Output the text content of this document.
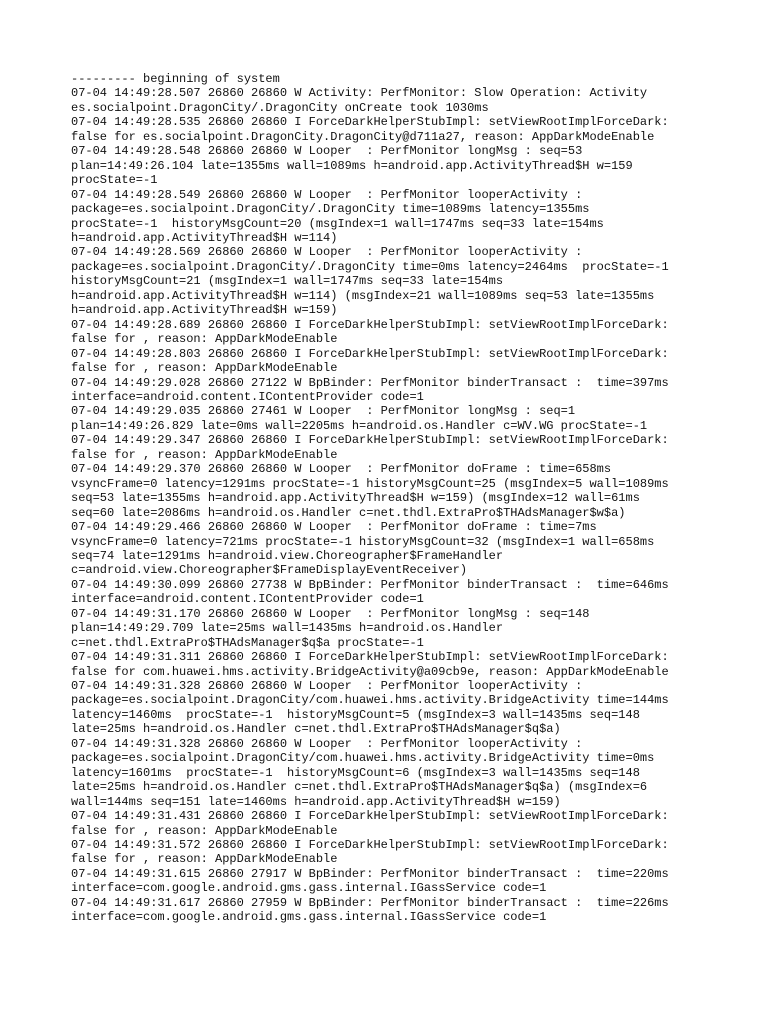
--------- beginning of system
07-04 14:49:28.507 26860 26860 W Activity: PerfMonitor: Slow Operation: Activity
es.socialpoint.DragonCity/.DragonCity onCreate took 1030ms
07-04 14:49:28.535 26860 26860 I ForceDarkHelperStubImpl: setViewRootImplForceDark:
false for es.socialpoint.DragonCity.DragonCity@d711a27, reason: AppDarkModeEnable
07-04 14:49:28.548 26860 26860 W Looper  : PerfMonitor longMsg : seq=53
plan=14:49:26.104 late=1355ms wall=1089ms h=android.app.ActivityThread$H w=159
procState=-1
07-04 14:49:28.549 26860 26860 W Looper  : PerfMonitor looperActivity :
package=es.socialpoint.DragonCity/.DragonCity time=1089ms latency=1355ms
procState=-1  historyMsgCount=20 (msgIndex=1 wall=1747ms seq=33 late=154ms
h=android.app.ActivityThread$H w=114)
07-04 14:49:28.569 26860 26860 W Looper  : PerfMonitor looperActivity :
package=es.socialpoint.DragonCity/.DragonCity time=0ms latency=2464ms  procState=-1
historyMsgCount=21 (msgIndex=1 wall=1747ms seq=33 late=154ms
h=android.app.ActivityThread$H w=114) (msgIndex=21 wall=1089ms seq=53 late=1355ms
h=android.app.ActivityThread$H w=159)
07-04 14:49:28.689 26860 26860 I ForceDarkHelperStubImpl: setViewRootImplForceDark:
false for , reason: AppDarkModeEnable
07-04 14:49:28.803 26860 26860 I ForceDarkHelperStubImpl: setViewRootImplForceDark:
false for , reason: AppDarkModeEnable
07-04 14:49:29.028 26860 27122 W BpBinder: PerfMonitor binderTransact :  time=397ms
interface=android.content.IContentProvider code=1
07-04 14:49:29.035 26860 27461 W Looper  : PerfMonitor longMsg : seq=1
plan=14:49:26.829 late=0ms wall=2205ms h=android.os.Handler c=WV.WG procState=-1
07-04 14:49:29.347 26860 26860 I ForceDarkHelperStubImpl: setViewRootImplForceDark:
false for , reason: AppDarkModeEnable
07-04 14:49:29.370 26860 26860 W Looper  : PerfMonitor doFrame : time=658ms
vsyncFrame=0 latency=1291ms procState=-1 historyMsgCount=25 (msgIndex=5 wall=1089ms
seq=53 late=1355ms h=android.app.ActivityThread$H w=159) (msgIndex=12 wall=61ms
seq=60 late=2086ms h=android.os.Handler c=net.thdl.ExtraPro$THAdsManager$w$a)
07-04 14:49:29.466 26860 26860 W Looper  : PerfMonitor doFrame : time=7ms
vsyncFrame=0 latency=721ms procState=-1 historyMsgCount=32 (msgIndex=1 wall=658ms
seq=74 late=1291ms h=android.view.Choreographer$FrameHandler
c=android.view.Choreographer$FrameDisplayEventReceiver)
07-04 14:49:30.099 26860 27738 W BpBinder: PerfMonitor binderTransact :  time=646ms
interface=android.content.IContentProvider code=1
07-04 14:49:31.170 26860 26860 W Looper  : PerfMonitor longMsg : seq=148
plan=14:49:29.709 late=25ms wall=1435ms h=android.os.Handler
c=net.thdl.ExtraPro$THAdsManager$q$a procState=-1
07-04 14:49:31.311 26860 26860 I ForceDarkHelperStubImpl: setViewRootImplForceDark:
false for com.huawei.hms.activity.BridgeActivity@a09cb9e, reason: AppDarkModeEnable
07-04 14:49:31.328 26860 26860 W Looper  : PerfMonitor looperActivity :
package=es.socialpoint.DragonCity/com.huawei.hms.activity.BridgeActivity time=144ms
latency=1460ms  procState=-1  historyMsgCount=5 (msgIndex=3 wall=1435ms seq=148
late=25ms h=android.os.Handler c=net.thdl.ExtraPro$THAdsManager$q$a)
07-04 14:49:31.328 26860 26860 W Looper  : PerfMonitor looperActivity :
package=es.socialpoint.DragonCity/com.huawei.hms.activity.BridgeActivity time=0ms
latency=1601ms  procState=-1  historyMsgCount=6 (msgIndex=3 wall=1435ms seq=148
late=25ms h=android.os.Handler c=net.thdl.ExtraPro$THAdsManager$q$a) (msgIndex=6
wall=144ms seq=151 late=1460ms h=android.app.ActivityThread$H w=159)
07-04 14:49:31.431 26860 26860 I ForceDarkHelperStubImpl: setViewRootImplForceDark:
false for , reason: AppDarkModeEnable
07-04 14:49:31.572 26860 26860 I ForceDarkHelperStubImpl: setViewRootImplForceDark:
false for , reason: AppDarkModeEnable
07-04 14:49:31.615 26860 27917 W BpBinder: PerfMonitor binderTransact :  time=220ms
interface=com.google.android.gms.gass.internal.IGassService code=1
07-04 14:49:31.617 26860 27959 W BpBinder: PerfMonitor binderTransact :  time=226ms
interface=com.google.android.gms.gass.internal.IGassService code=1
